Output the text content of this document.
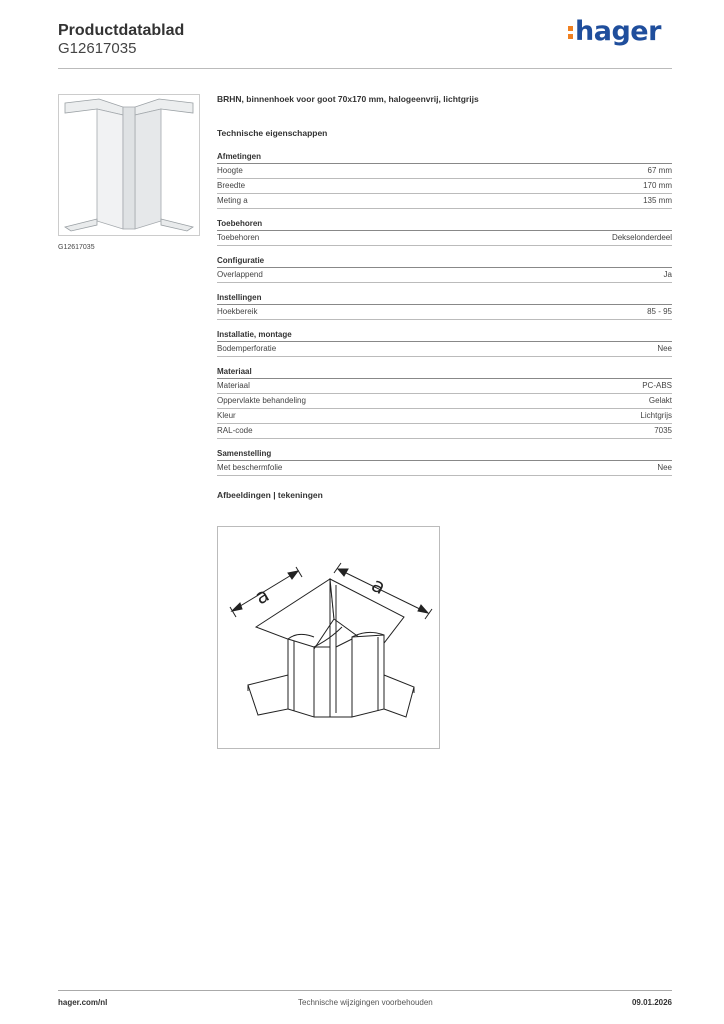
Productdatablad
G12617035
hager
G12617035
BRHN, binnenhoek voor goot 70x170 mm, halogeenvrij, lichtgrijs
Technische eigenschappen
Afmetingen
Hoogte	67 mm
Breedte	170 mm
Meting a	135 mm
Toebehoren
Toebehoren	Dekselonderdeel
Configuratie
Overlappend	Ja
Instellingen
Hoekbereik	85 - 95
Installatie, montage
Bodemperforatie	Nee
Materiaal
Materiaal	PC-ABS
Oppervlakte behandeling	Gelakt
Kleur	Lichtgrijs
RAL-code	7035
Samenstelling
Met beschermfolie	Nee
Afbeeldingen | tekeningen
a	a
hager.com/nl	Technische wijzigingen voorbehouden	09.01.2026
